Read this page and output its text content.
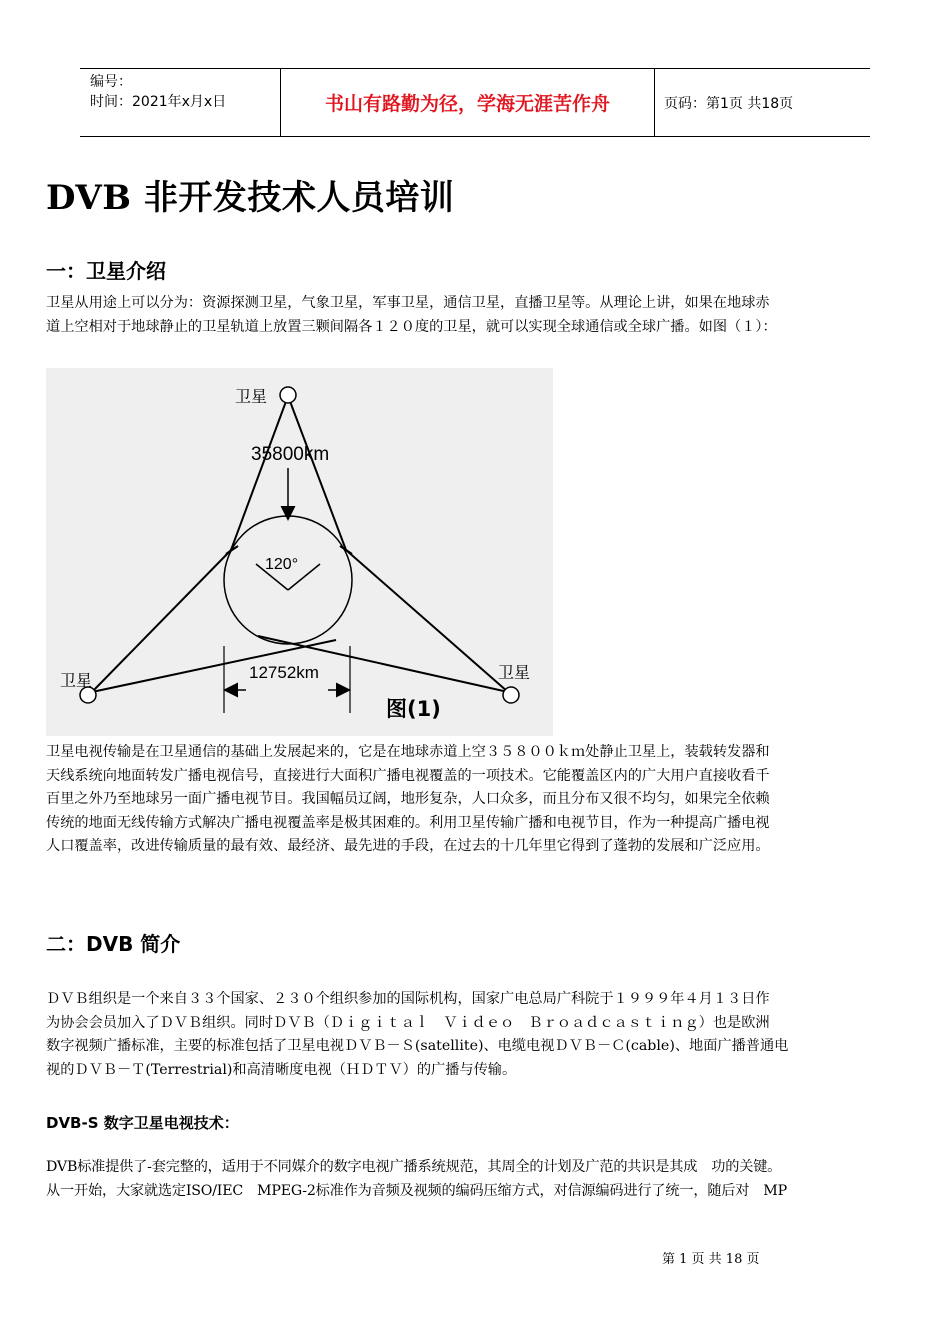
编号：
时间：2021年x月x日	书山有路勤为径，学海无涯苦作舟	页码：第1页 共18页
DVB 非开发技术人员培训
一：卫星介绍
卫星从用途上可以分为：资源探测卫星，气象卫星，军事卫星，通信卫星，直播卫星等。从理论上讲，如果在地球赤
道上空相对于地球静止的卫星轨道上放置三颗间隔各１２０度的卫星，就可以实现全球通信或全球广播。如图（１）：
卫星
卫星	卫星
35800km
120°
12752km
图(1)
卫星电视传输是在卫星通信的基础上发展起来的，它是在地球赤道上空３５８００ｋｍ处静止卫星上，装载转发器和
天线系统向地面转发广播电视信号，直接进行大面积广播电视覆盖的一项技术。它能覆盖区内的广大用户直接收看千
百里之外乃至地球另一面广播电视节目。我国幅员辽阔，地形复杂，人口众多，而且分布又很不均匀，如果完全依赖
传统的地面无线传输方式解决广播电视覆盖率是极其困难的。利用卫星传输广播和电视节目，作为一种提高广播电视
人口覆盖率，改进传输质量的最有效、最经济、最先进的手段，在过去的十几年里它得到了蓬勃的发展和广泛应用。
二：DVB 简介
ＤＶＢ组织是一个来自３３个国家、２３０个组织参加的国际机构，国家广电总局广科院于１９９９年４月１３日作
为协会会员加入了ＤＶＢ组织。同时ＤＶＢ（Ｄｉｇｉｔａｌ　Ｖｉｄｅｏ　Ｂｒｏａｄｃａｓｔｉｎｇ）也是欧洲
数字视频广播标准，主要的标准包括了卫星电视ＤＶＢ－Ｓ(satellite)、电缆电视ＤＶＢ－Ｃ(cable)、地面广播普通电
视的ＤＶＢ－Ｔ(Terrestrial)和高清晰度电视（ＨＤＴＶ）的广播与传输。
DVB-S 数字卫星电视技术：
DVB标准提供了-套完整的，适用于不同媒介的数字电视广播系统规范，其周全的计划及广范的共识是其成　功的关键。
从一开始，大家就选定ISO/IEC　MPEG-2标准作为音频及视频的编码压缩方式，对信源编码进行了统一，随后对　MP
第 1 页 共 18 页
